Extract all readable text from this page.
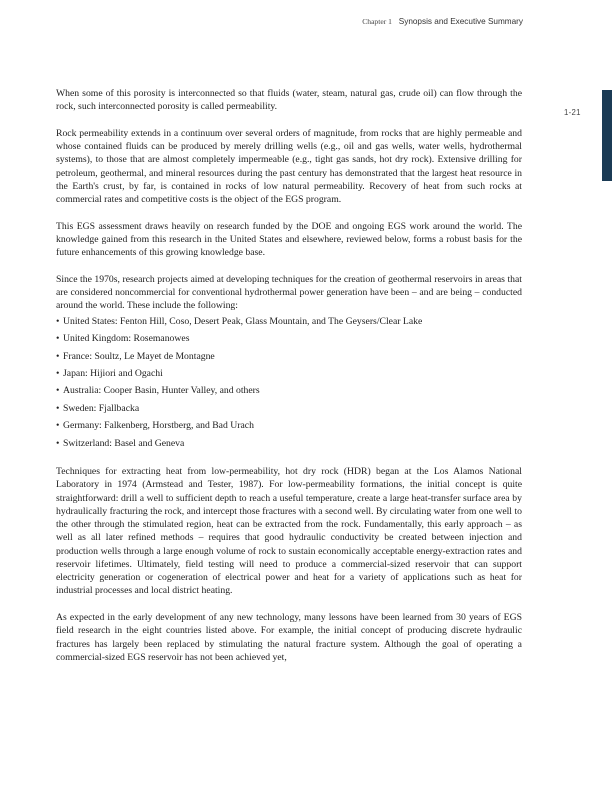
Chapter 1 Synopsis and Executive Summary
1-21

When some of this porosity is interconnected so that fluids (water, steam, natural gas, crude oil) can flow through the rock, such interconnected porosity is called permeability.

Rock permeability extends in a continuum over several orders of magnitude, from rocks that are highly permeable and whose contained fluids can be produced by merely drilling wells (e.g., oil and gas wells, water wells, hydrothermal systems), to those that are almost completely impermeable (e.g., tight gas sands, hot dry rock). Extensive drilling for petroleum, geothermal, and mineral resources during the past century has demonstrated that the largest heat resource in the Earth's crust, by far, is contained in rocks of low natural permeability. Recovery of heat from such rocks at commercial rates and competitive costs is the object of the EGS program.

This EGS assessment draws heavily on research funded by the DOE and ongoing EGS work around the world. The knowledge gained from this research in the United States and elsewhere, reviewed below, forms a robust basis for the future enhancements of this growing knowledge base.

Since the 1970s, research projects aimed at developing techniques for the creation of geothermal reservoirs in areas that are considered noncommercial for conventional hydrothermal power generation have been – and are being – conducted around the world. These include the following:

• United States: Fenton Hill, Coso, Desert Peak, Glass Mountain, and The Geysers/Clear Lake
• United Kingdom: Rosemanowes
• France: Soultz, Le Mayet de Montagne
• Japan: Hijiori and Ogachi
• Australia: Cooper Basin, Hunter Valley, and others
• Sweden: Fjallbacka
• Germany: Falkenberg, Horstberg, and Bad Urach
• Switzerland: Basel and Geneva

Techniques for extracting heat from low-permeability, hot dry rock (HDR) began at the Los Alamos National Laboratory in 1974 (Armstead and Tester, 1987). For low-permeability formations, the initial concept is quite straightforward: drill a well to sufficient depth to reach a useful temperature, create a large heat-transfer surface area by hydraulically fracturing the rock, and intercept those fractures with a second well. By circulating water from one well to the other through the stimulated region, heat can be extracted from the rock. Fundamentally, this early approach – as well as all later refined methods – requires that good hydraulic conductivity be created between injection and production wells through a large enough volume of rock to sustain economically acceptable energy-extraction rates and reservoir lifetimes. Ultimately, field testing will need to produce a commercial-sized reservoir that can support electricity generation or cogeneration of electrical power and heat for a variety of applications such as heat for industrial processes and local district heating.

As expected in the early development of any new technology, many lessons have been learned from 30 years of EGS field research in the eight countries listed above. For example, the initial concept of producing discrete hydraulic fractures has largely been replaced by stimulating the natural fracture system. Although the goal of operating a commercial-sized EGS reservoir has not been achieved yet,
